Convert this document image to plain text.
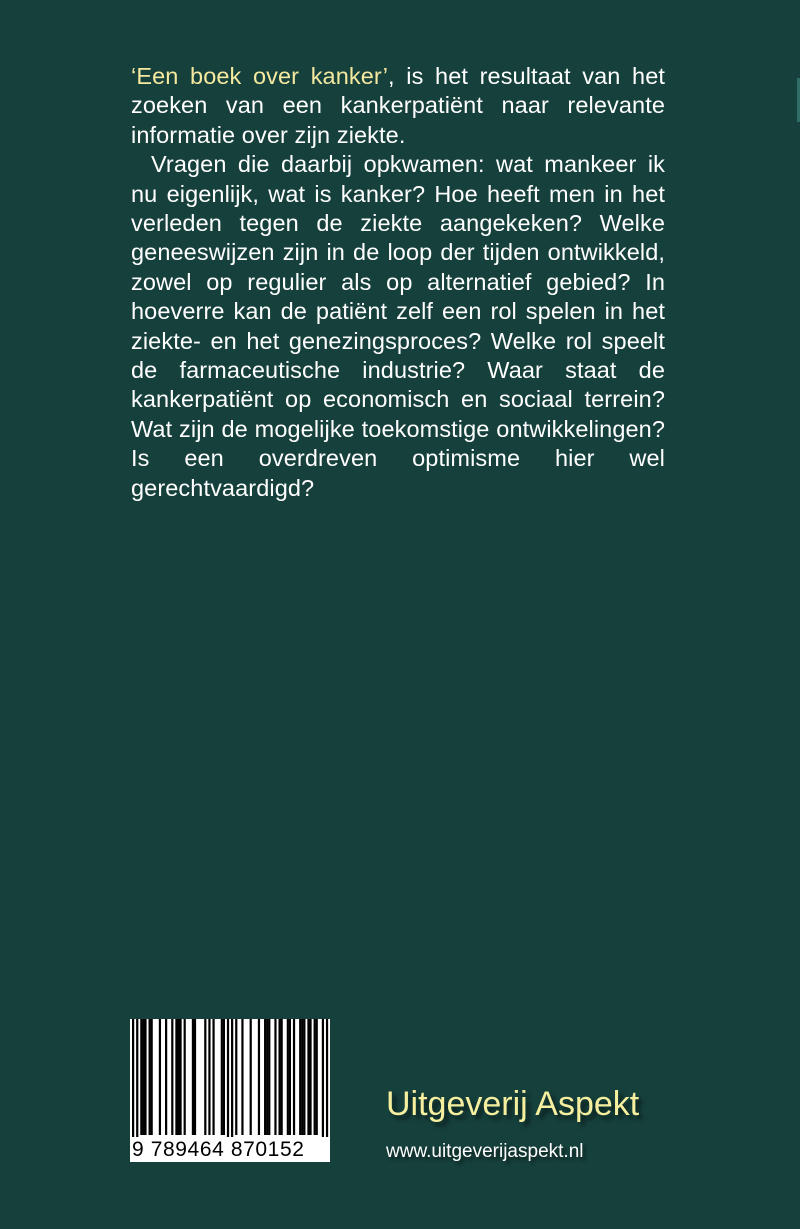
‘Een boek over kanker’, is het resultaat van het zoeken van een kankerpatiënt naar relevante informatie over zijn ziekte.

Vragen die daarbij opkwamen: wat mankeer ik nu eigenlijk, wat is kanker? Hoe heeft men in het verleden tegen de ziekte aangekeken? Welke geneeswijzen zijn in de loop der tijden ontwikkeld, zowel op regulier als op alternatief gebied? In hoeverre kan de patiënt zelf een rol spelen in het ziekte- en het genezingsproces? Welke rol speelt de farmaceutische industrie? Waar staat de kankerpatiënt op economisch en sociaal terrein? Wat zijn de mogelijke toekomstige ontwikkelingen? Is een overdreven optimisme hier wel gerechtvaardigd?

9 789464 870152
Uitgeverij Aspekt
www.uitgeverijaspekt.nl
